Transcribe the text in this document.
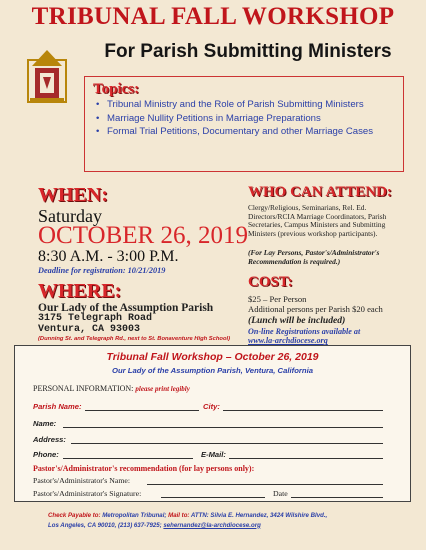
TRIBUNAL FALL WORKSHOP
For Parish Submitting Ministers
Topics:
• Tribunal Ministry and the Role of Parish Submitting Ministers
• Marriage Nullity Petitions in Marriage Preparations
• Formal Trial Petitions, Documentary and other Marriage Cases
WHEN:
Saturday
OCTOBER 26, 2019
8:30 A.M. - 3:00 P.M.
Deadline for registration: 10/21/2019
WHERE:
Our Lady of the Assumption Parish
3175 Telegraph Road
Ventura, CA 93003
(Dunning St. and Telegraph Rd., next to St. Bonaventure High School)
WHO CAN ATTEND:
Clergy/Religious, Seminarians, Rel. Ed. Directors/RCIA Marriage Coordinators, Parish Secretaries, Campus Ministers and Submitting Ministers (previous workshop participants).
(For Lay Persons, Pastor's/Administrator's Recommendation is required.)
COST:
$25 – Per Person
Additional persons per Parish $20 each
(Lunch will be included)
On-line Registrations available at
www.la-archdiocese.org
Tribunal Fall Workshop – October 26, 2019
Our Lady of the Assumption Parish, Ventura, California
PERSONAL INFORMATION: please print legibly
Parish Name:	City:
Name:
Address:
Phone:	E-Mail:
Pastor's/Administrator's recommendation (for lay persons only):
Pastor's/Administrator's Name:
Pastor's/Administrator's Signature:	Date
Check Payable to: Metropolitan Tribunal; Mail to: ATTN: Silvia E. Hernandez, 3424 Wilshire Blvd.,
Los Angeles, CA 90010, (213) 637-7925; sehernandez@la-archdiocese.org
